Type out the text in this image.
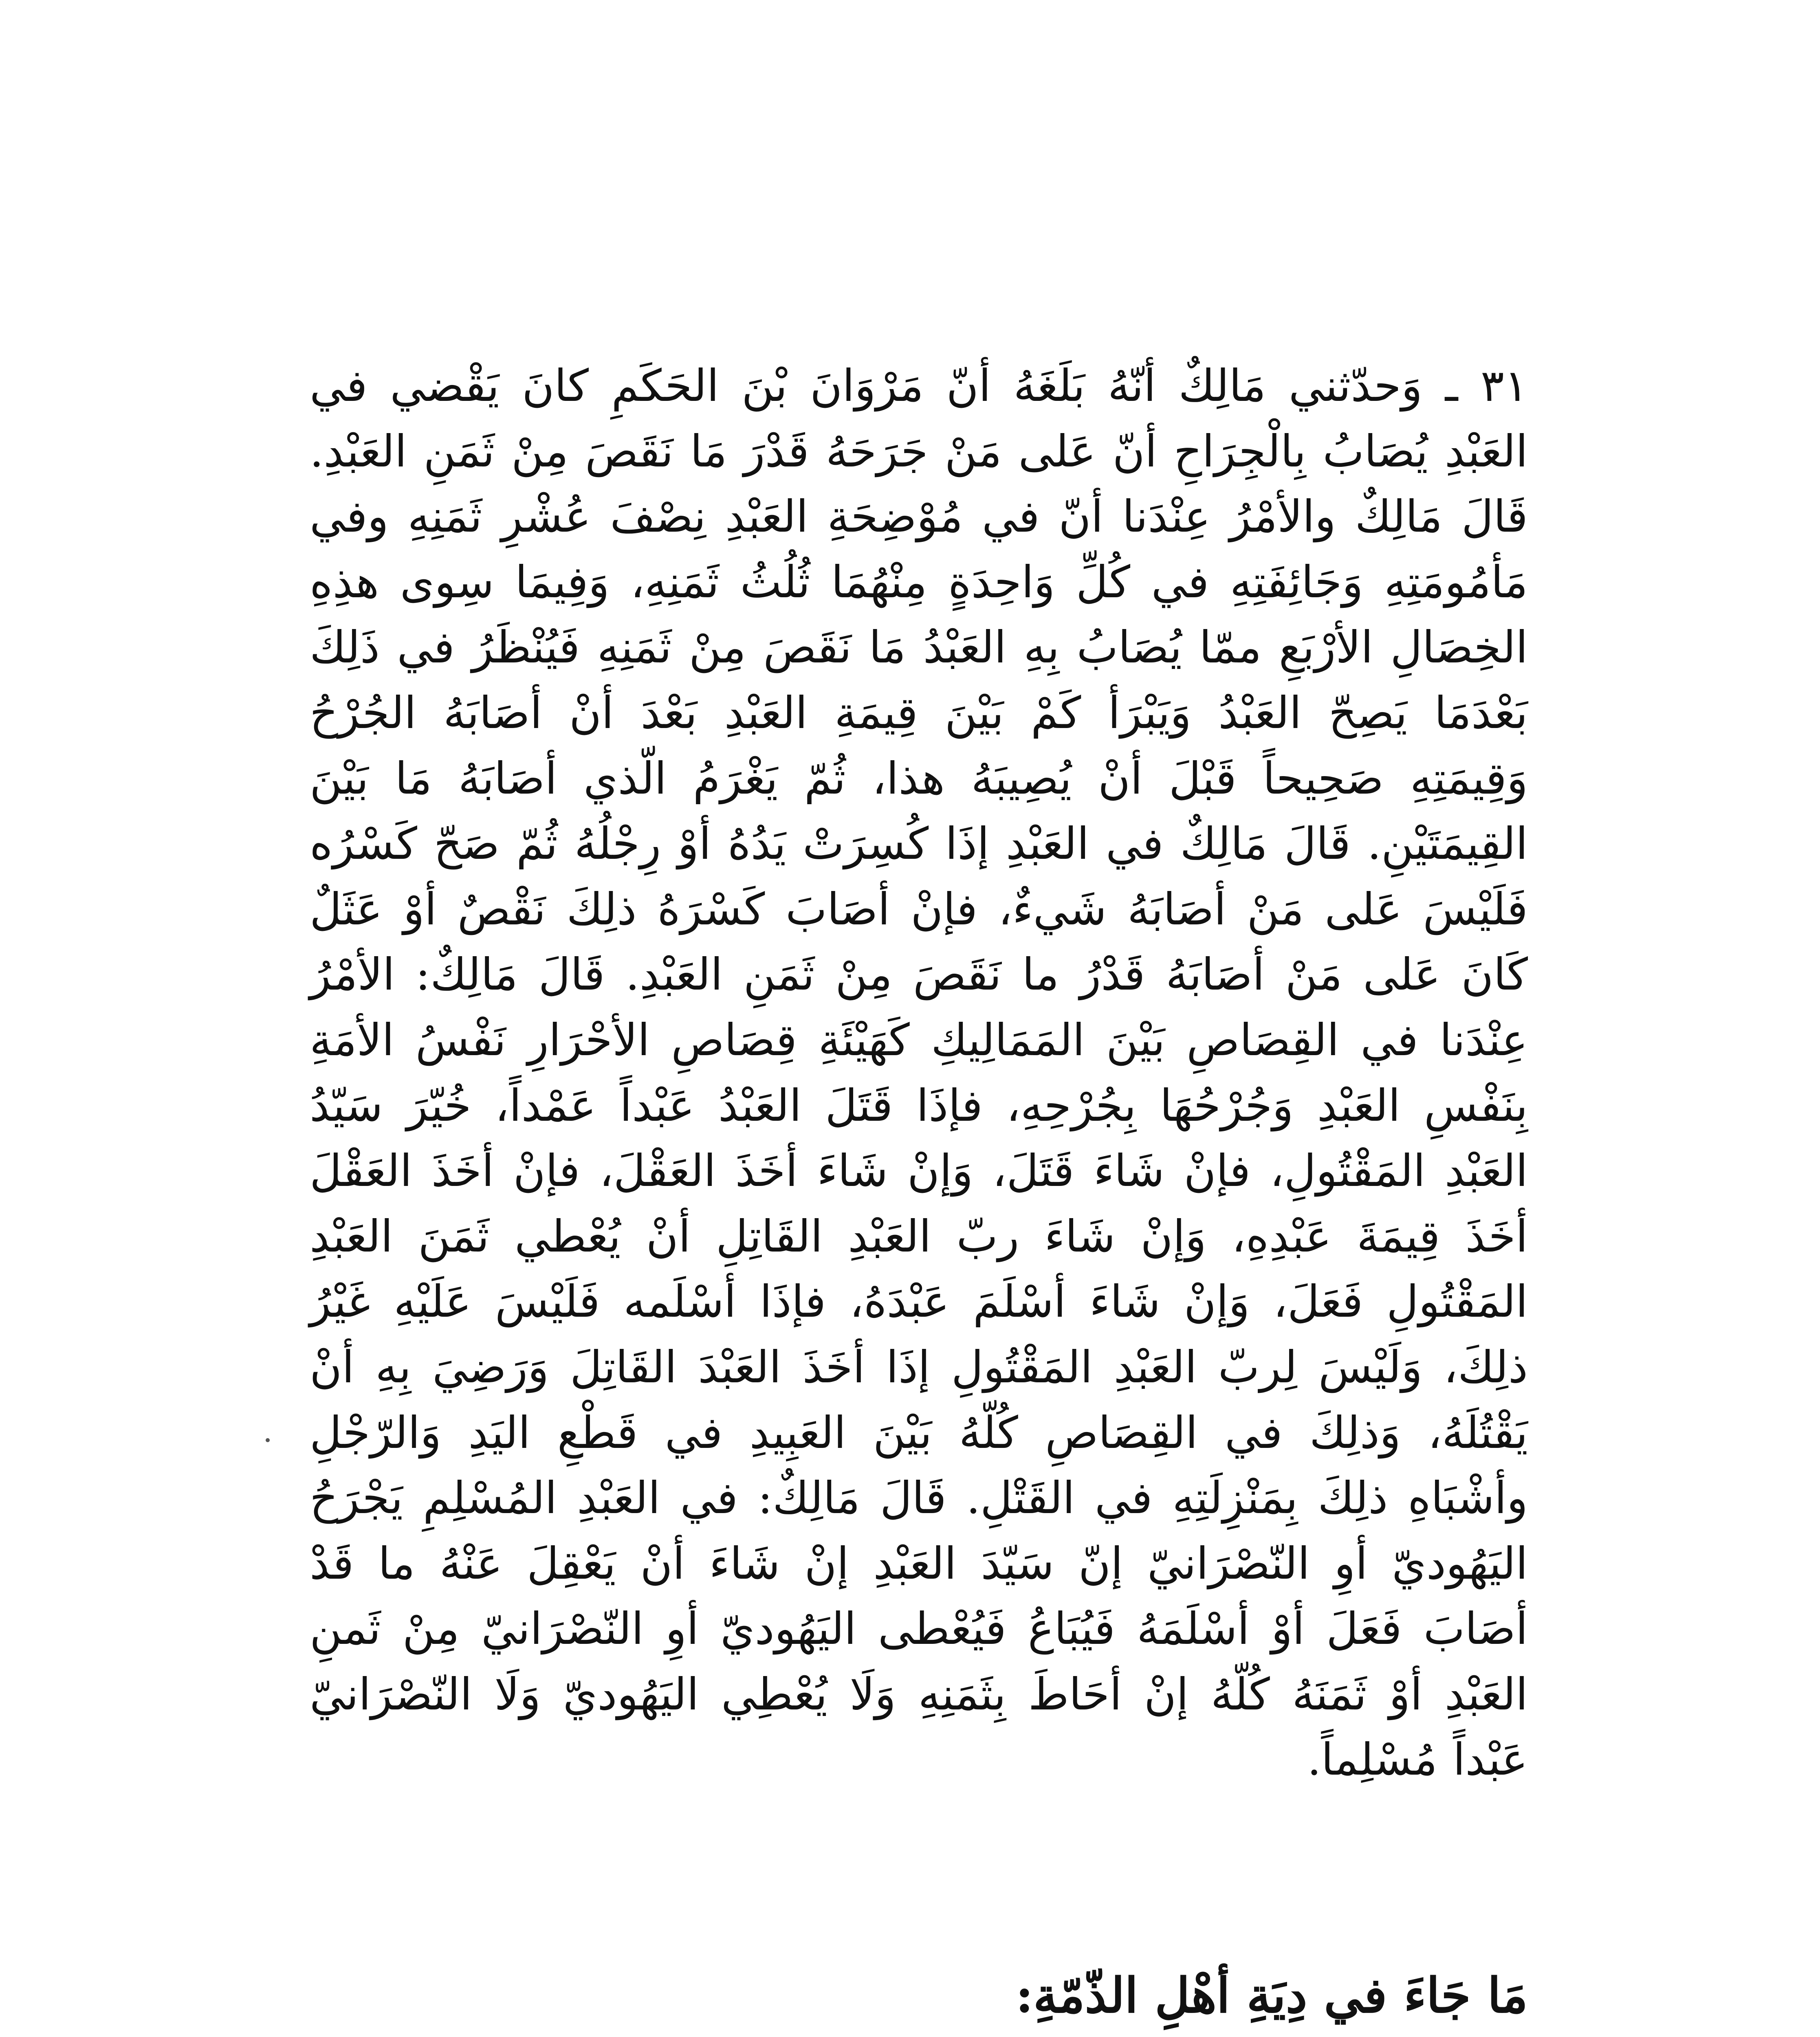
٣١ ـ وَحدّثني مَالِكٌ أنّهُ بَلَغَهُ أنّ مَرْوَانَ بْنَ الحَكَمِ كانَ يَقْضي في العَبْدِ يُصَابُ بِالْجِرَاحِ أنّ عَلى مَنْ جَرَحَهُ قَدْرَ مَا نَقَصَ مِنْ ثَمَنِ العَبْدِ. قَالَ مَالِكٌ والأمْرُ عِنْدَنا أنّ في مُوْضِحَةِ العَبْدِ نِصْفَ عُشْرِ ثَمَنِهِ وفي مَأمُومَتِهِ وَجَائِفَتِهِ في كُلِّ وَاحِدَةٍ مِنْهُمَا ثُلُثُ ثَمَنِهِ، وَفِيمَا سِوى هذِهِ الخِصَالِ الأرْبَعِ ممّا يُصَابُ بِهِ العَبْدُ مَا نَقَصَ مِنْ ثَمَنِهِ فَيُنْظَرُ في ذَلِكَ بَعْدَمَا يَصِحّ العَبْدُ وَيَبْرَأ كَمْ بَيْنَ قِيمَةِ العَبْدِ بَعْدَ أنْ أصَابَهُ الجُرْحُ وَقِيمَتِهِ صَحِيحاً قَبْلَ أنْ يُصِيبَهُ هذا، ثُمّ يَغْرَمُ الّذي أصَابَهُ مَا بَيْنَ القِيمَتَيْنِ. قَالَ مَالِكٌ في العَبْدِ إذَا كُسِرَتْ يَدُهُ أوْ رِجْلُهُ ثُمّ صَحّ كَسْرُه فَلَيْسَ عَلى مَنْ أصَابَهُ شَيءٌ، فإنْ أصَابَ كَسْرَهُ ذلِكَ نَقْصٌ أوْ عَثَلٌ كَانَ عَلى مَنْ أصَابَهُ قَدْرُ ما نَقَصَ مِنْ ثَمَنِ العَبْدِ. قَالَ مَالِكٌ: الأمْرُ عِنْدَنا في القِصَاصِ بَيْنَ المَمَالِيكِ كَهَيْئَةِ قِصَاصِ الأحْرَارِ نَفْسُ الأمَةِ بِنَفْسِ العَبْدِ وَجُرْحُهَا بِجُرْحِهِ، فإذَا قَتَلَ العَبْدُ عَبْداً عَمْداً، خُيّرَ سَيّدُ العَبْدِ المَقْتُولِ، فإنْ شَاءَ قَتَلَ، وَإنْ شَاءَ أخَذَ العَقْلَ، فإنْ أخَذَ العَقْلَ أخَذَ قِيمَةَ عَبْدِهِ، وَإنْ شَاءَ ربّ العَبْدِ القَاتِلِ أنْ يُعْطي ثَمَنَ العَبْدِ المَقْتُولِ فَعَلَ، وَإنْ شَاءَ أسْلَمَ عَبْدَهُ، فإذَا أسْلَمه فَلَيْسَ عَلَيْهِ غَيْرُ ذلِكَ، وَلَيْسَ لِربّ العَبْدِ المَقْتُولِ إذَا أخَذَ العَبْدَ القَاتِلَ وَرَضِيَ بِهِ أنْ يَقْتُلَهُ، وَذلِكَ في القِصَاصِ كُلّهُ بَيْنَ العَبِيدِ في قَطْعِ اليَدِ وَالرّجْلِ وأشْبَاهِ ذلِكَ بِمَنْزِلَتِهِ في القَتْلِ. قَالَ مَالِكٌ: في العَبْدِ المُسْلِمِ يَجْرَحُ اليَهُوديّ أوِ النّصْرَانيّ إنّ سَيّدَ العَبْدِ إنْ شَاءَ أنْ يَعْقِلَ عَنْهُ ما قَدْ أصَابَ فَعَلَ أوْ أسْلَمَهُ فَيُبَاعُ فَيُعْطى اليَهُوديّ أوِ النّصْرَانيّ مِنْ ثَمنِ العَبْدِ أوْ ثَمَنَهُ كُلّهُ إنْ أحَاطَ بِثَمَنِهِ وَلَا يُعْطِي اليَهُوديّ وَلَا النّصْرَانيّ عَبْداً مُسْلِماً.

مَا جَاءَ في دِيَةِ أهْلِ الذّمّةِ:
